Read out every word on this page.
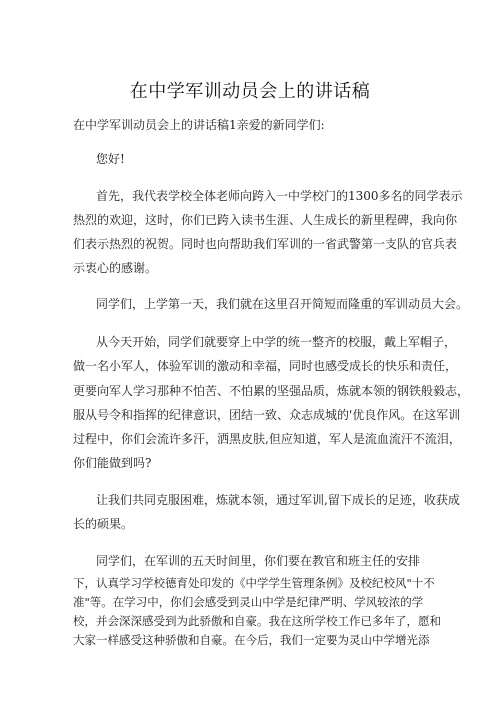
在中学军训动员会上的讲话稿
在中学军训动员会上的讲话稿1亲爱的新同学们:
您好!
首先，我代表学校全体老师向跨入一中学校门的1300多名的同学表示
热烈的欢迎，这时，你们已跨入读书生涯、人生成长的新里程碑，我向你
们表示热烈的祝贺。同时也向帮助我们军训的一省武警第一支队的官兵表
示衷心的感谢。
同学们，上学第一天，我们就在这里召开简短而隆重的军训动员大会。
从今天开始，同学们就要穿上中学的统一整齐的校服，戴上军帽子，
做一名小军人，体验军训的激动和幸福，同时也感受成长的快乐和责任，
更要向军人学习那种不怕苦、不怕累的坚强品质，炼就本领的钢铁般毅志，
服从号令和指挥的纪律意识，团结一致、众志成城的'优良作风。在这军训
过程中，你们会流许多汗，洒黑皮肤,但应知道，军人是流血流汗不流泪，
你们能做到吗?
让我们共同克服困难，炼就本领，通过军训,留下成长的足迹，收获成
长的硕果。
同学们，在军训的五天时间里，你们要在教官和班主任的安排
下，认真学习学校德育处印发的《中学学生管理条例》及校纪校风"十不
准"等。在学习中，你们会感受到灵山中学是纪律严明、学风较浓的学
校，并会深深感受到为此骄傲和自豪。我在这所学校工作已多年了，愿和
大家一样感受这种骄傲和自豪。在今后，我们一定要为灵山中学增光添
